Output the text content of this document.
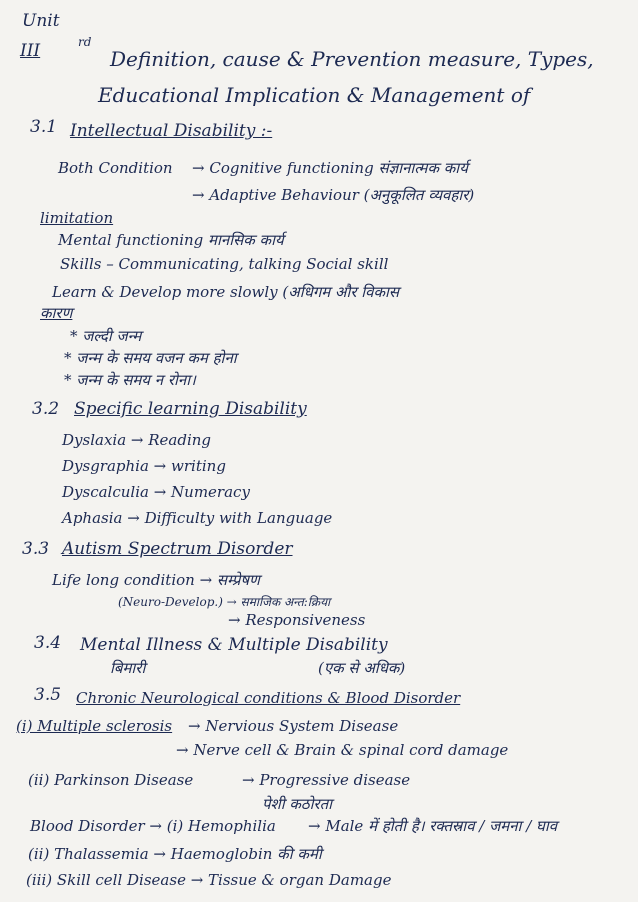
Unit
III	rd
Definition, cause & Prevention measure, Types,
Educational Implication & Management of
3.1 Intellectual Disability :-
Both Condition → Cognitive functioning संज्ञानात्मक कार्य
→ Adaptive Behaviour (अनुकूलित व्यवहार)
limitation
Mental functioning मानसिक कार्य
Skills – Communicating, talking Social skill
Learn & Develop more slowly (अधिगम और विकास
कारण
* जल्दी जन्म
* जन्म के समय वजन कम होना
* जन्म के समय न रोना।
3.2 Specific learning Disability
Dyslaxia → Reading
Dysgraphia → writing
Dyscalculia → Numeracy
Aphasia → Difficulty with Language
3.3 Autism Spectrum Disorder
Life long condition → सम्प्रेषण
(Neuro-Develop.) → समाजिक अन्त:क्रिया
→ Responsiveness
3.4 Mental Illness & Multiple Disability
बिमारी	(एक से अधिक)
3.5 Chronic Neurological conditions & Blood Disorder
(i) Multiple sclerosis → Nervious System Disease
→ Nerve cell & Brain & spinal cord damage
(ii) Parkinson Disease	→ Progressive disease
पेशी कठोरता
Blood Disorder → (i) Hemophilia → Male में होती है। रक्तस्राव / जमना / घाव
(ii) Thalassemia → Haemoglobin की कमी
(iii) Skill cell Disease → Tissue & organ Damage
